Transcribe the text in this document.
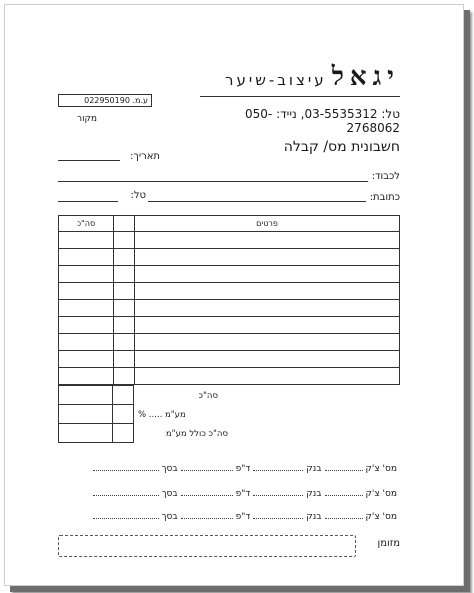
יגאל עיצוב-שיער
טל: 03-5535312, נייד: 050-2768062
ע.מ. 022950190
מקור
חשבונית מס/ קבלה
תאריך:
לכבוד:
כתובת:
טל:
סה"כ		פרטים

סה"כ
% ..... מע"מ
סה"כ כולל מע"מ
מס' צ'קבנקד"פבסך
מס' צ'קבנקד"פבסך
מס' צ'קבנקד"פבסך
מזומן
